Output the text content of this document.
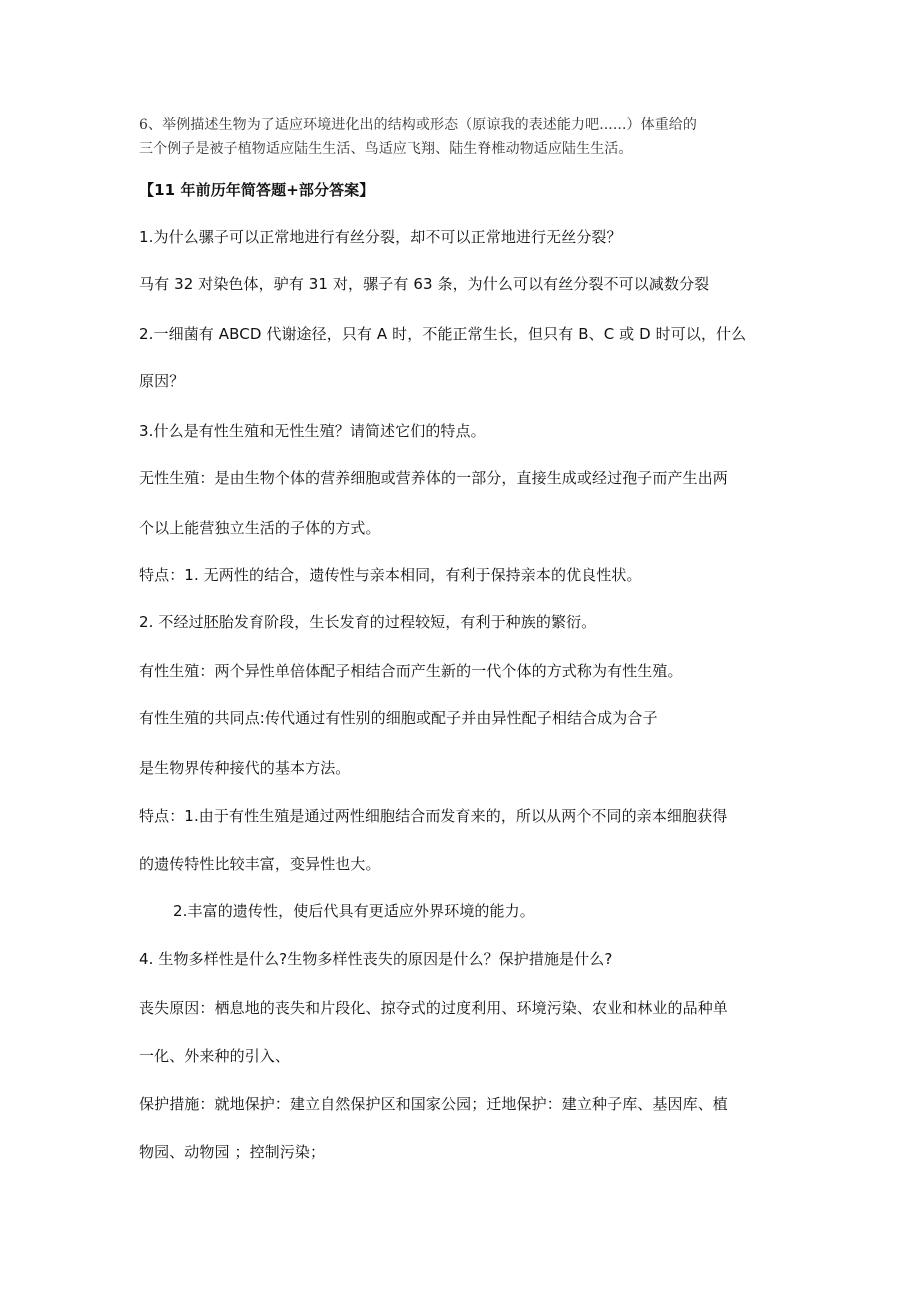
6、举例描述生物为了适应环境进化出的结构或形态（原谅我的表述能力吧......）体重给的
三个例子是被子植物适应陆生生活、鸟适应飞翔、陆生脊椎动物适应陆生生活。
【11 年前历年简答题+部分答案】
1.为什么骡子可以正常地进行有丝分裂，却不可以正常地进行无丝分裂？
马有 32 对染色体，驴有 31 对，骡子有 63 条，为什么可以有丝分裂不可以减数分裂
2.一细菌有 ABCD 代谢途径，只有 A 时，不能正常生长，但只有 B、C 或 D 时可以，什么
原因？
3.什么是有性生殖和无性生殖？请简述它们的特点。
无性生殖：是由生物个体的营养细胞或营养体的一部分，直接生成或经过孢子而产生出两
个以上能营独立生活的子体的方式。
特点：1. 无两性的结合，遗传性与亲本相同，有利于保持亲本的优良性状。
2. 不经过胚胎发育阶段，生长发育的过程较短，有利于种族的繁衍。
有性生殖：两个异性单倍体配子相结合而产生新的一代个体的方式称为有性生殖。
有性生殖的共同点:传代通过有性别的细胞或配子并由异性配子相结合成为合子
是生物界传种接代的基本方法。
特点：1.由于有性生殖是通过两性细胞结合而发育来的，所以从两个不同的亲本细胞获得
的遗传特性比较丰富，变异性也大。
2.丰富的遗传性，使后代具有更适应外界环境的能力。
4. 生物多样性是什么?生物多样性丧失的原因是什么？保护措施是什么?
丧失原因：栖息地的丧失和片段化、掠夺式的过度利用、环境污染、农业和林业的品种单
一化、外来种的引入、
保护措施：就地保护：建立自然保护区和国家公园；迁地保护：建立种子库、基因库、植
物园、动物园 ；控制污染；
